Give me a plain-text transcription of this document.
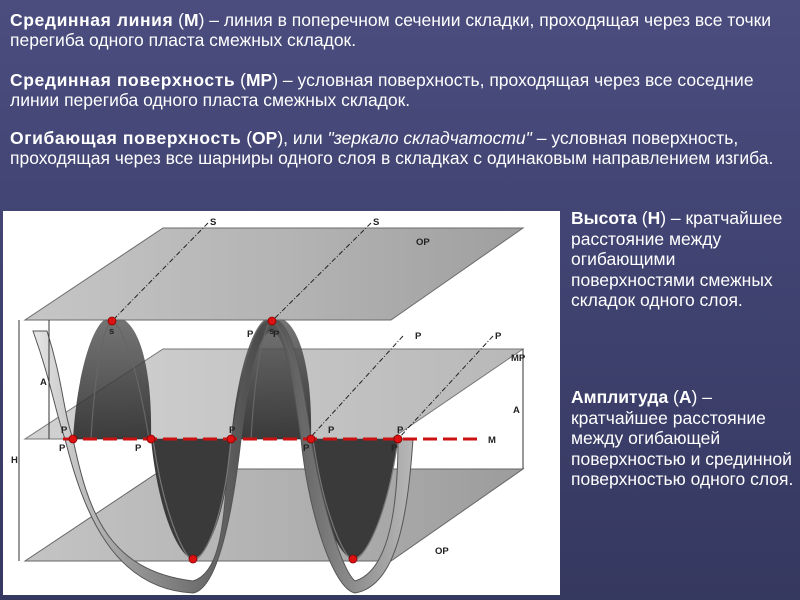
Срединная линия (М) – линия в поперечном сечении складки, проходящая через все точки перегиба одного пласта смежных складок.

Срединная поверхность (МР) – условная поверхность, проходящая через все соседние линии перегиба одного пласта смежных складок.

Огибающая поверхность (ОР), или "зеркало складчатости" – условная поверхность, проходящая через все шарниры одного слоя в складках с одинаковым направлением изгиба.

Высота (Н) – кратчайшее расстояние между огибающими поверхностями смежных складок одного слоя.

Амплитуда (А) – кратчайшее расстояние между огибающей поверхностью и срединной поверхностью одного слоя.

S	S
s	s
OP
OP
MP
M
P P	P	P
P
P	P
P
P
P
P
P
A
A
H
